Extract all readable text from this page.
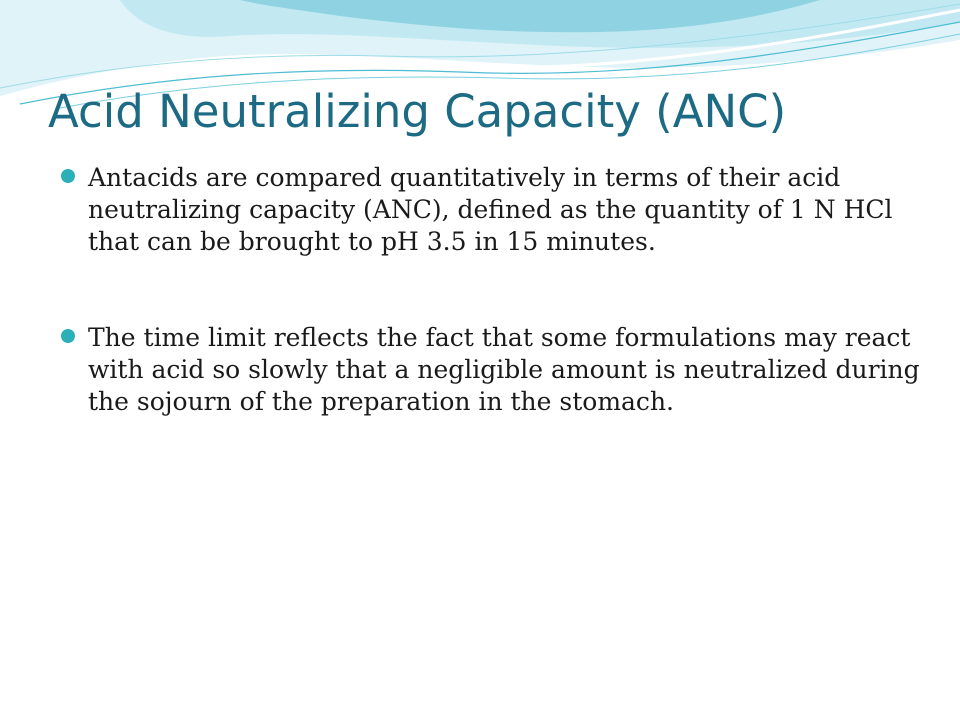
Acid Neutralizing Capacity (ANC)
Antacids are compared quantitatively in terms of their acid neutralizing capacity (ANC), defined as the quantity of 1 N HCl that can be brought to pH 3.5 in 15 minutes.
The time limit reflects the fact that some formulations may react with acid so slowly that a negligible amount is neutralized during the sojourn of the preparation in the stomach.
